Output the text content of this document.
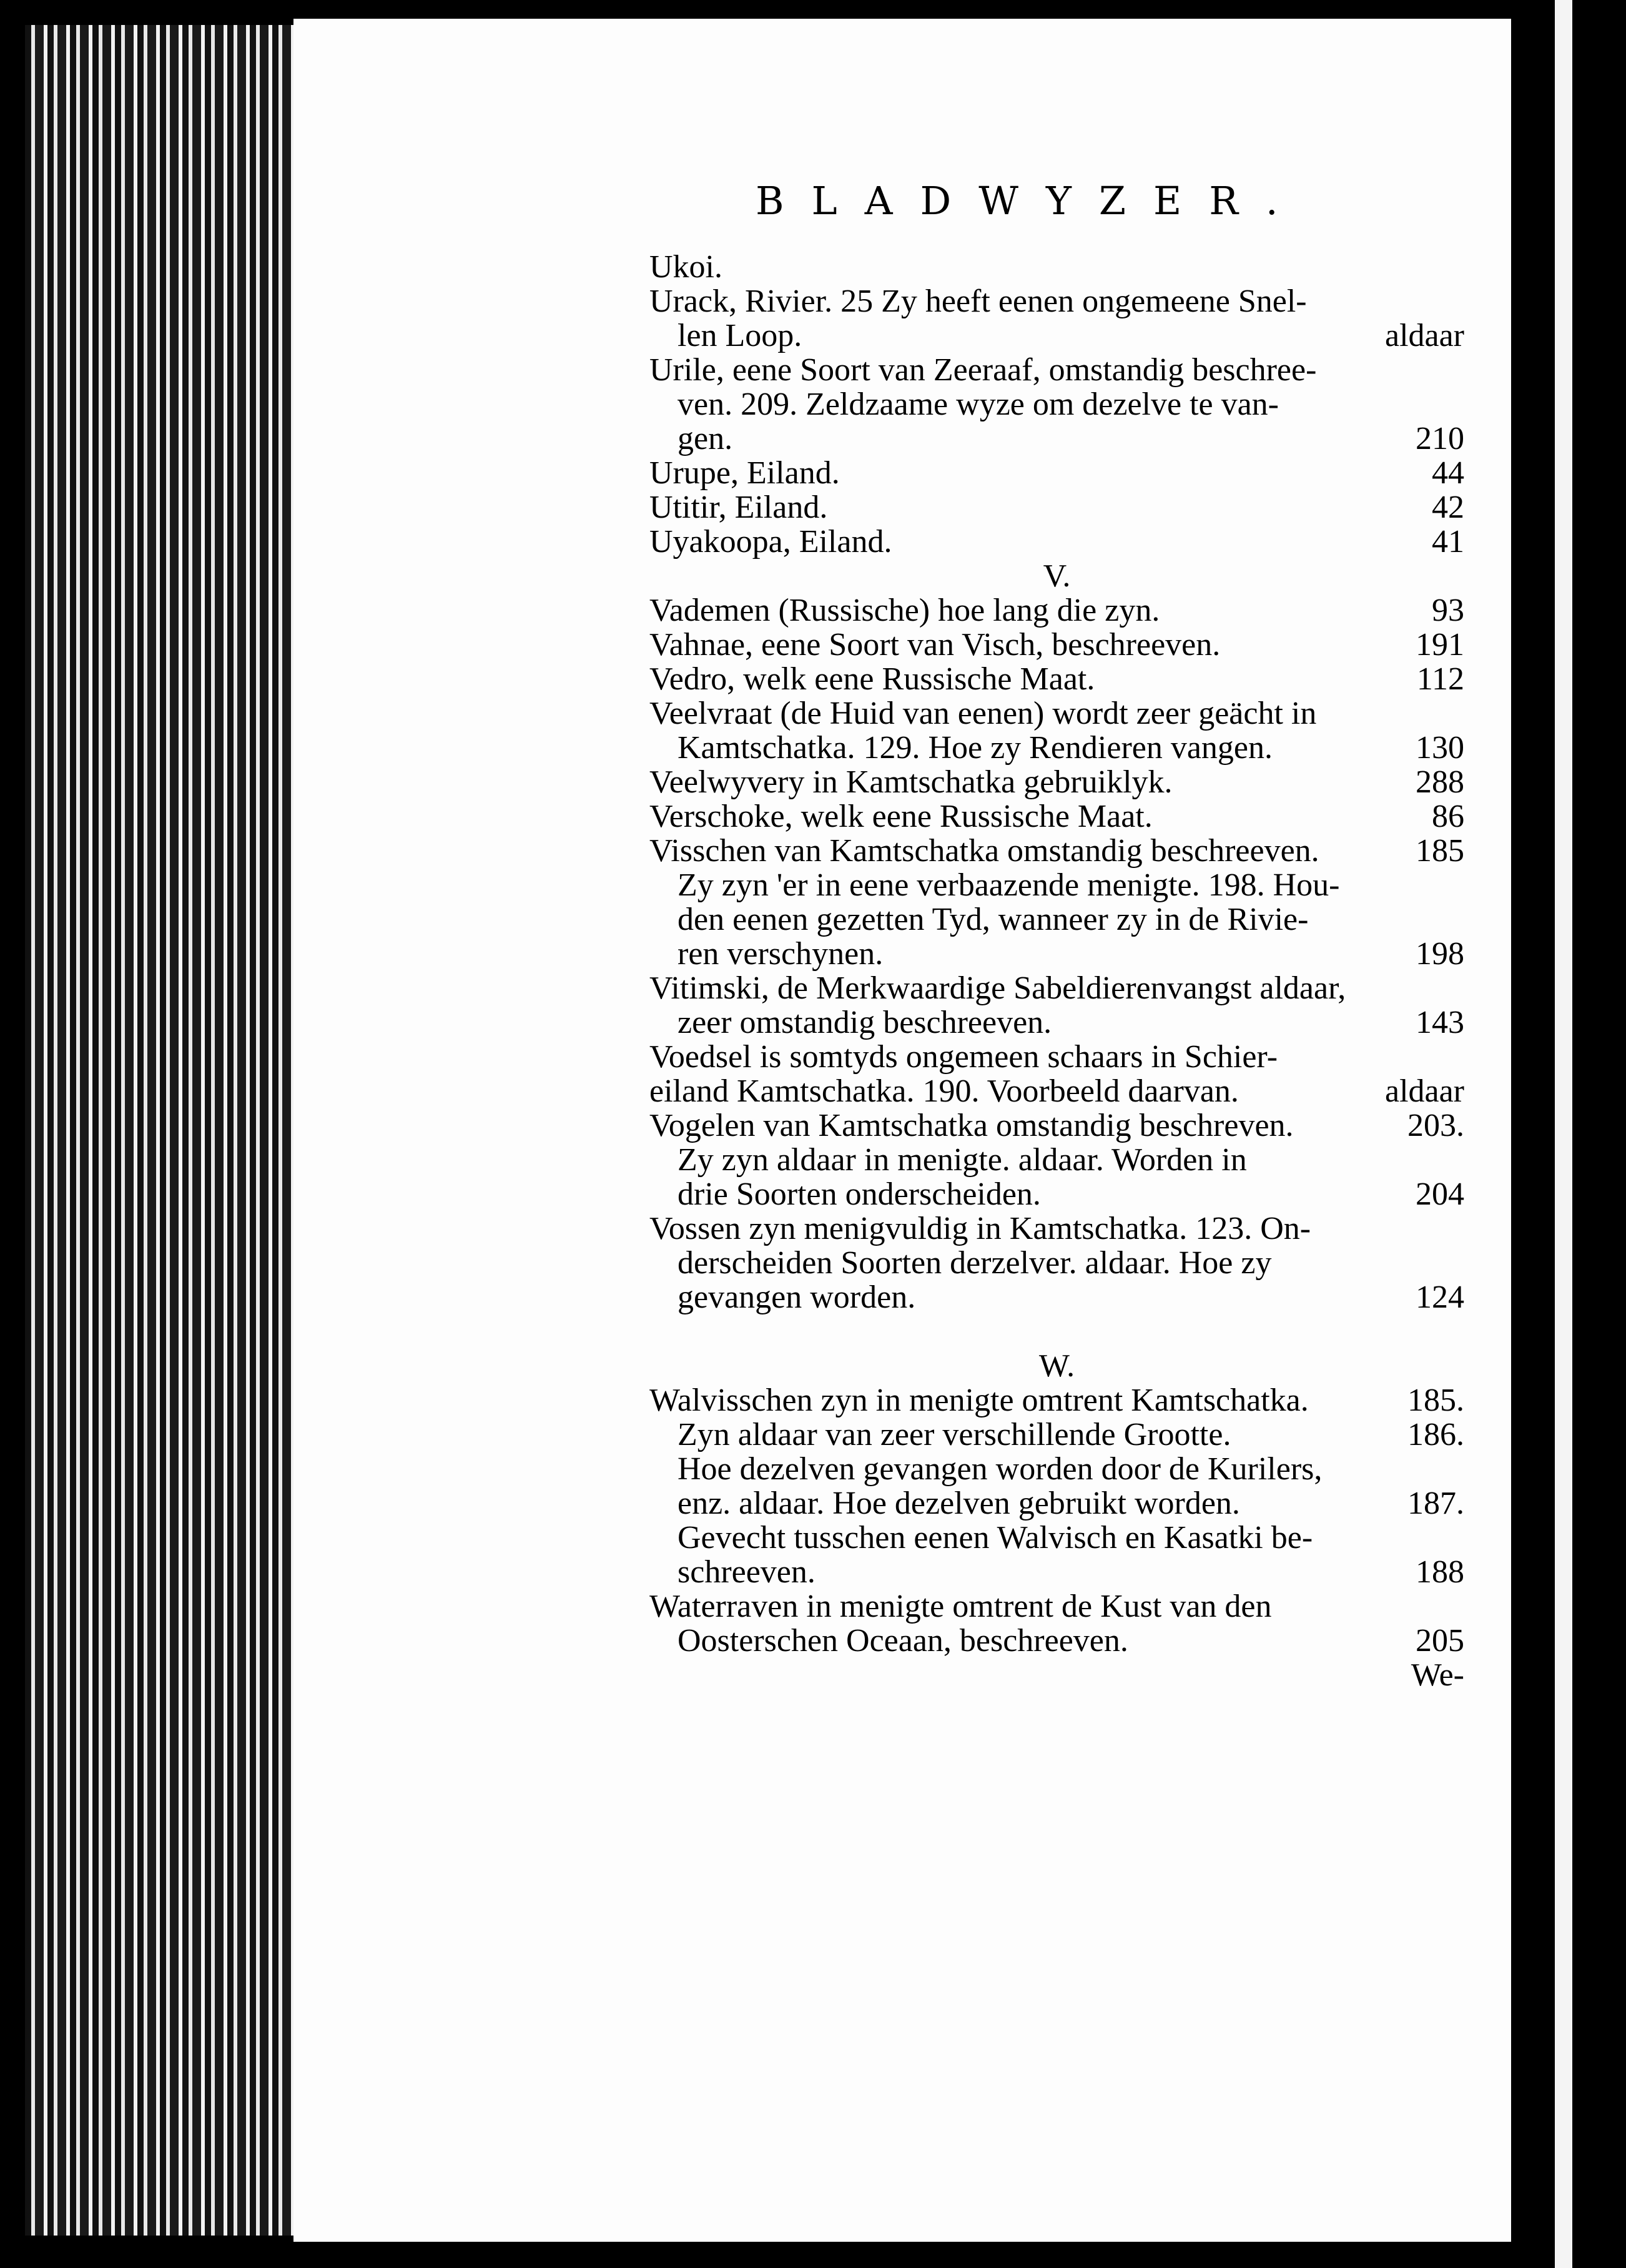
BLADWYZER.
Ukoi.
Urack, Rivier. 25 Zy heeft eenen ongemeene Snel-
len Loop.	aldaar
Urile, eene Soort van Zeeraaf, omstandig beschree-
ven. 209. Zeldzaame wyze om dezelve te van-
gen.	210
Urupe, Eiland.	44
Utitir, Eiland.	42
Uyakoopa, Eiland.	41
V.
Vademen (Russische) hoe lang die zyn.	93
Vahnae, eene Soort van Visch, beschreeven.	191
Vedro, welk eene Russische Maat.	112
Veelvraat (de Huid van eenen) wordt zeer geächt in
Kamtschatka. 129. Hoe zy Rendieren vangen.	130
Veelwyvery in Kamtschatka gebruiklyk.	288
Verschoke, welk eene Russische Maat.	86
Visschen van Kamtschatka omstandig beschreeven.	185
Zy zyn 'er in eene verbaazende menigte. 198. Hou-
den eenen gezetten Tyd, wanneer zy in de Rivie-
ren verschynen.	198
Vitimski, de Merkwaardige Sabeldierenvangst aldaar,
zeer omstandig beschreeven.	143
Voedsel is somtyds ongemeen schaars in Schier-
eiland Kamtschatka. 190. Voorbeeld daarvan.	aldaar
Vogelen van Kamtschatka omstandig beschreven.	203.
Zy zyn aldaar in menigte. aldaar. Worden in
drie Soorten onderscheiden.	204
Vossen zyn menigvuldig in Kamtschatka. 123. On-
derscheiden Soorten derzelver. aldaar. Hoe zy
gevangen worden.	124
W.
Walvisschen zyn in menigte omtrent Kamtschatka.	185.
Zyn aldaar van zeer verschillende Grootte.	186.
Hoe dezelven gevangen worden door de Kurilers,
enz. aldaar. Hoe dezelven gebruikt worden.	187.
Gevecht tusschen eenen Walvisch en Kasatki be-
schreeven.	188
Waterraven in menigte omtrent de Kust van den
Oosterschen Oceaan, beschreeven.	205
We-
